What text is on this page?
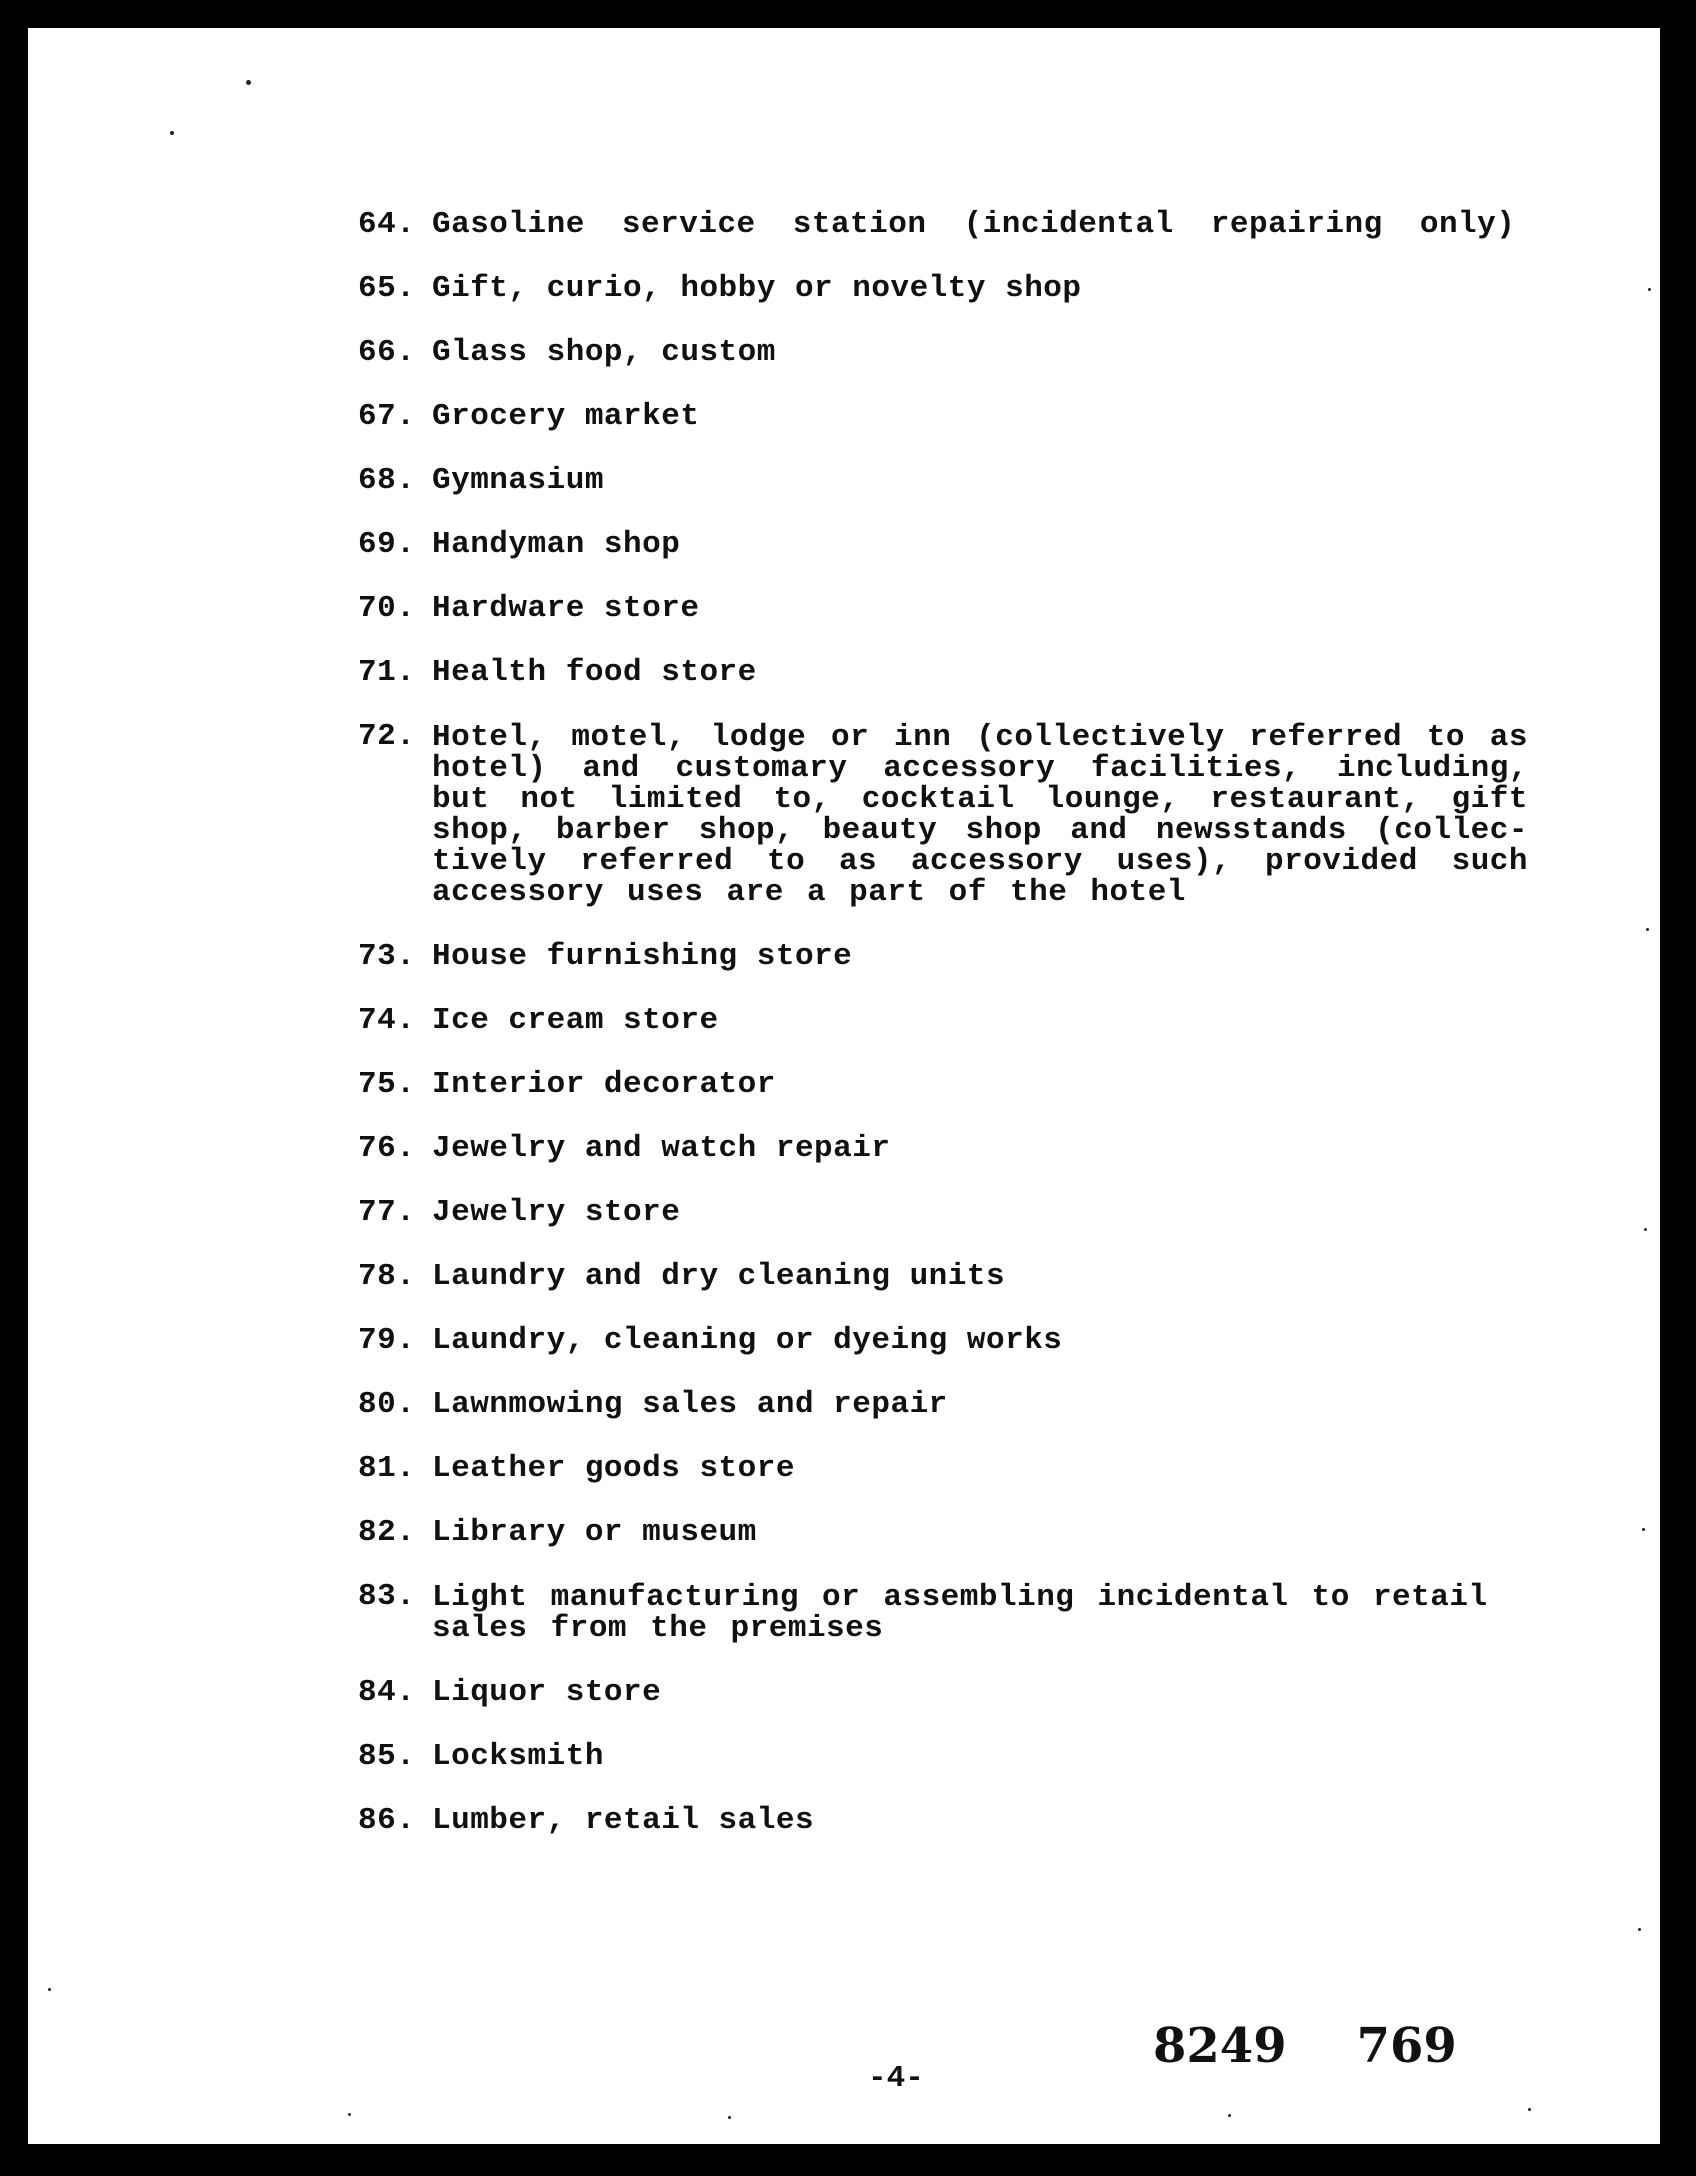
64. Gasoline service station (incidental repairing only)
65. Gift, curio, hobby or novelty shop
66. Glass shop, custom
67. Grocery market
68. Gymnasium
69. Handyman shop
70. Hardware store
71. Health food store
72. Hotel, motel, lodge or inn (collectively referred to as hotel) and customary accessory facilities, including, but not limited to, cocktail lounge, restaurant, gift shop, barber shop, beauty shop and newsstands (collec- tively referred to as accessory uses), provided such accessory uses are a part of the hotel
73. House furnishing store
74. Ice cream store
75. Interior decorator
76. Jewelry and watch repair
77. Jewelry store
78. Laundry and dry cleaning units
79. Laundry, cleaning or dyeing works
80. Lawnmowing sales and repair
81. Leather goods store
82. Library or museum
83. Light manufacturing or assembling incidental to retail sales from the premises
84. Liquor store
85. Locksmith
86. Lumber, retail sales
8249 769
-4-
